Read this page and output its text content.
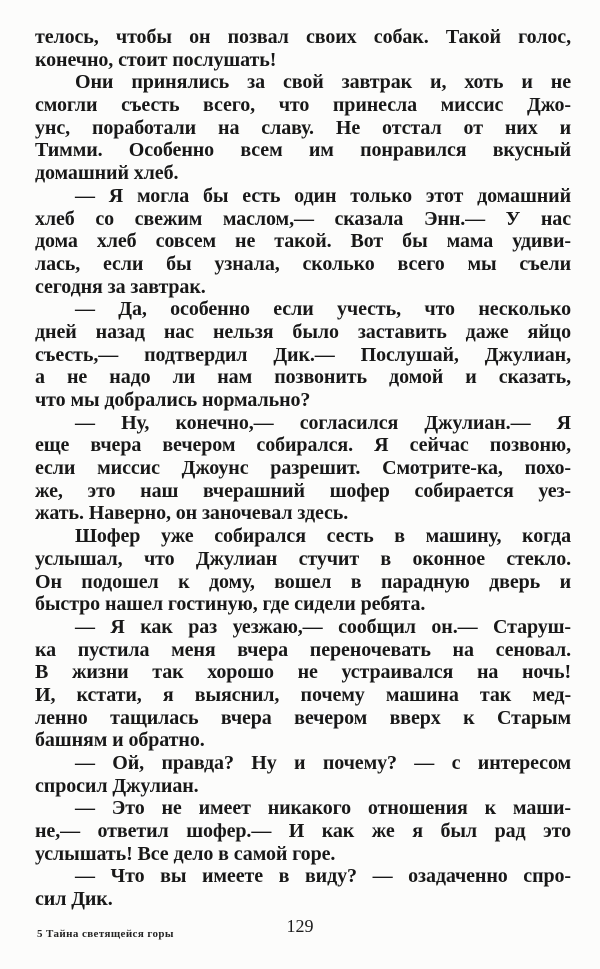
телось, чтобы он позвал своих собак. Такой голос,
конечно, стоит послушать!
Они принялись за свой завтрак и, хоть и не
смогли съесть всего, что принесла миссис Джо-
унс, поработали на славу. Не отстал от них и
Тимми. Особенно всем им понравился вкусный
домашний хлеб.
— Я могла бы есть один только этот домашний
хлеб со свежим маслом,— сказала Энн.— У нас
дома хлеб совсем не такой. Вот бы мама удиви-
лась, если бы узнала, сколько всего мы съели
сегодня за завтрак.
— Да, особенно если учесть, что несколько
дней назад нас нельзя было заставить даже яйцо
съесть,— подтвердил Дик.— Послушай, Джулиан,
а не надо ли нам позвонить домой и сказать,
что мы добрались нормально?
— Ну, конечно,— согласился Джулиан.— Я
еще вчера вечером собирался. Я сейчас позвоню,
если миссис Джоунс разрешит. Смотрите-ка, похо-
же, это наш вчерашний шофер собирается уез-
жать. Наверно, он заночевал здесь.
Шофер уже собирался сесть в машину, когда
услышал, что Джулиан стучит в оконное стекло.
Он подошел к дому, вошел в парадную дверь и
быстро нашел гостиную, где сидели ребята.
— Я как раз уезжаю,— сообщил он.— Старуш-
ка пустила меня вчера переночевать на сеновал.
В жизни так хорошо не устраивался на ночь!
И, кстати, я выяснил, почему машина так мед-
ленно тащилась вчера вечером вверх к Старым
башням и обратно.
— Ой, правда? Ну и почему? — с интересом
спросил Джулиан.
— Это не имеет никакого отношения к маши-
не,— ответил шофер.— И как же я был рад это
услышать! Все дело в самой горе.
— Что вы имеете в виду? — озадаченно спро-
сил Дик.
5 Тайна светящейся горы	129
